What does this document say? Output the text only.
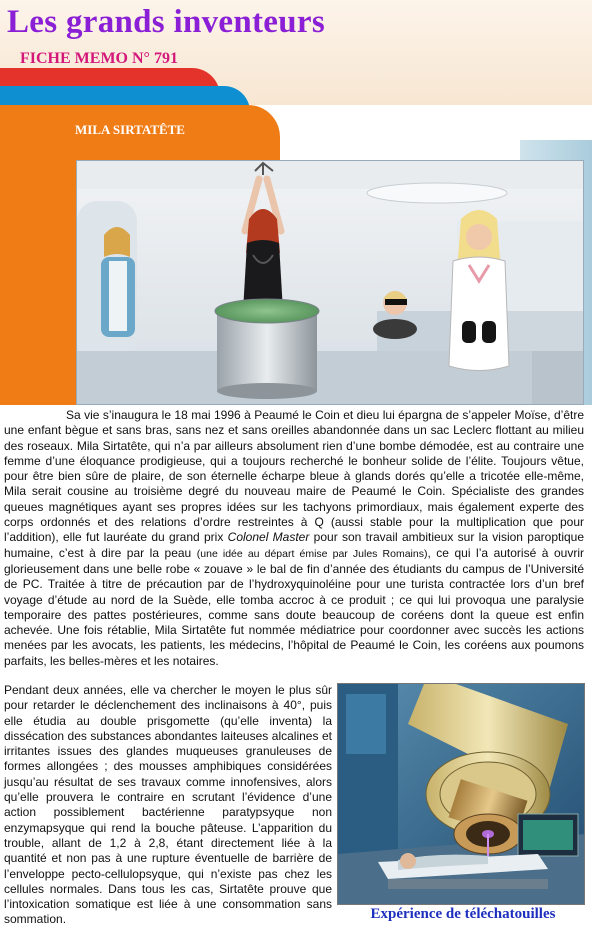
Les grands inventeurs
FICHE MEMO N° 791
MILA SIRTATÊTE
Sa vie s’inaugura le 18 mai 1996 à Peaumé le Coin et dieu lui épargna de s’appeler Moïse, d’être une enfant bègue et sans bras, sans nez et sans oreilles abandonnée dans un sac Leclerc flottant au milieu des roseaux. Mila Sirtatête, qui n’a par ailleurs absolument rien d’une bombe démodée, est au contraire une femme d’une éloquance prodigieuse, qui a toujours recherché le bonheur solide de l’élite. Toujours vêtue, pour être bien sûre de plaire, de son éternelle écharpe bleue à glands dorés qu’elle a tricotée elle-même, Mila serait cousine au troisième degré du nouveau maire de Peaumé le Coin. Spécialiste des grandes queues magnétiques ayant ses propres idées sur les tachyons primordiaux, mais également experte des corps ordonnés et des relations d’ordre restreintes à Q (aussi stable pour la multiplication que pour l’addition), elle fut lauréate du grand prix Colonel Master pour son travail ambitieux sur la vision paroptique humaine, c’est à dire par la peau (une idée au départ émise par Jules Romains), ce qui l’a autorisé à ouvrir glorieusement dans une belle robe « zouave » le bal de fin d’année des étudiants du campus de l’Université de PC. Traitée à titre de précaution par de l’hydroxyquinoléine pour une turista contractée lors d’un bref voyage d’étude au nord de la Suède, elle tomba accroc à ce produit ; ce qui lui provoqua une paralysie temporaire des pattes postérieures, comme sans doute beaucoup de coréens dont la queue est enfin achevée. Une fois rétablie, Mila Sirtatête fut nommée médiatrice pour coordonner avec succès les actions menées par les avocats, les patients, les médecins, l’hôpital de Peaumé le Coin, les coréens aux poumons parfaits, les belles-mères et les notaires.
Pendant deux années, elle va chercher le moyen le plus sûr pour retarder le déclenchement des inclinaisons à 40°, puis elle étudia au double prisgomette (qu’elle inventa) la dissécation des substances abondantes laiteuses alcalines et irritantes issues des glandes muqueuses granuleuses de formes allongées ; des mousses amphibiques considérées jusqu’au résultat de ses travaux comme innofensives, alors qu’elle prouvera le contraire en scrutant l’évidence d’une action possiblement bactérienne paratypsyque non enzymapsyque qui rend la bouche pâteuse. L’apparition du trouble, allant de 1,2 à 2,8, étant directement liée à la quantité et non pas à une rupture éventuelle de barrière de l’enveloppe pecto-cellulopsyque, qui n’existe pas chez les cellules normales. Dans tous les cas, Sirtatête prouve que l’intoxication somatique est liée à une consommation sans sommation.	Expérience de téléchatouilles
